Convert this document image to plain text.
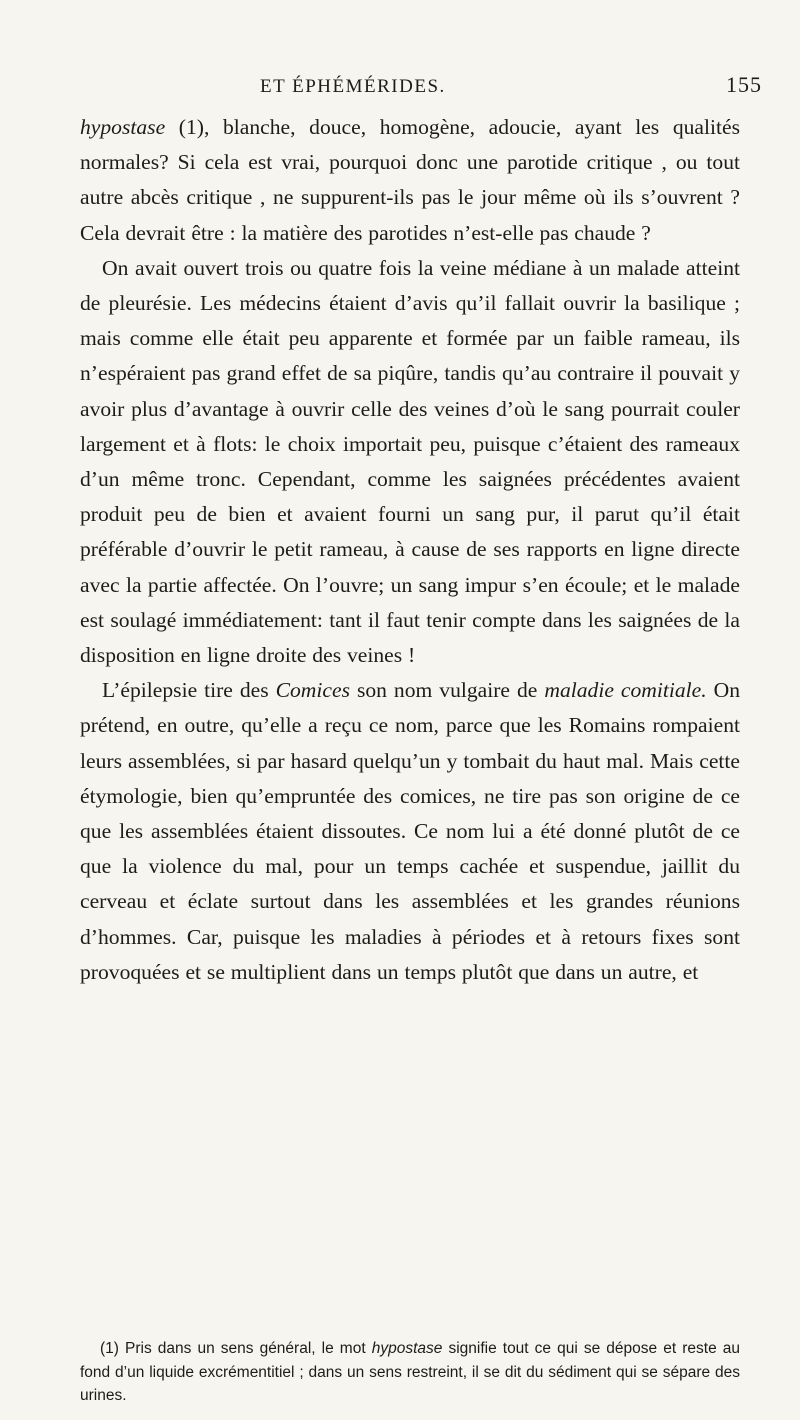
ET ÉPHÉMÉRIDES.	155

hypostase (1), blanche, douce, homogène, adoucie, ayant les qualités normales? Si cela est vrai, pourquoi donc une parotide critique , ou tout autre abcès critique , ne suppurent-ils pas le jour même où ils s’ouvrent ? Cela devrait être : la matière des parotides n’est-elle pas chaude ?

On avait ouvert trois ou quatre fois la veine médiane à un malade atteint de pleurésie. Les médecins étaient d’avis qu’il fallait ouvrir la basilique ; mais comme elle était peu apparente et formée par un faible rameau, ils n’espéraient pas grand effet de sa piqûre, tandis qu’au contraire il pouvait y avoir plus d’avantage à ouvrir celle des veines d’où le sang pourrait couler largement et à flots: le choix importait peu, puisque c’étaient des rameaux d’un même tronc. Cependant, comme les saignées précédentes avaient produit peu de bien et avaient fourni un sang pur, il parut qu’il était préférable d’ouvrir le petit rameau, à cause de ses rapports en ligne directe avec la partie affectée. On l’ouvre; un sang impur s’en écoule; et le malade est soulagé immédiatement: tant il faut tenir compte dans les saignées de la disposition en ligne droite des veines !

L’épilepsie tire des Comices son nom vulgaire de maladie comitiale. On prétend, en outre, qu’elle a reçu ce nom, parce que les Romains rompaient leurs assemblées, si par hasard quelqu’un y tombait du haut mal. Mais cette étymologie, bien qu’empruntée des comices, ne tire pas son origine de ce que les assemblées étaient dissoutes. Ce nom lui a été donné plutôt de ce que la violence du mal, pour un temps cachée et suspendue, jaillit du cerveau et éclate surtout dans les assemblées et les grandes réunions d’hommes. Car, puisque les maladies à périodes et à retours fixes sont provoquées et se multiplient dans un temps plutôt que dans un autre, et

(1) Pris dans un sens général, le mot hypostase signifie tout ce qui se dépose et reste au fond d’un liquide excrémentitiel ; dans un sens restreint, il se dit du sédiment qui se sépare des urines.
